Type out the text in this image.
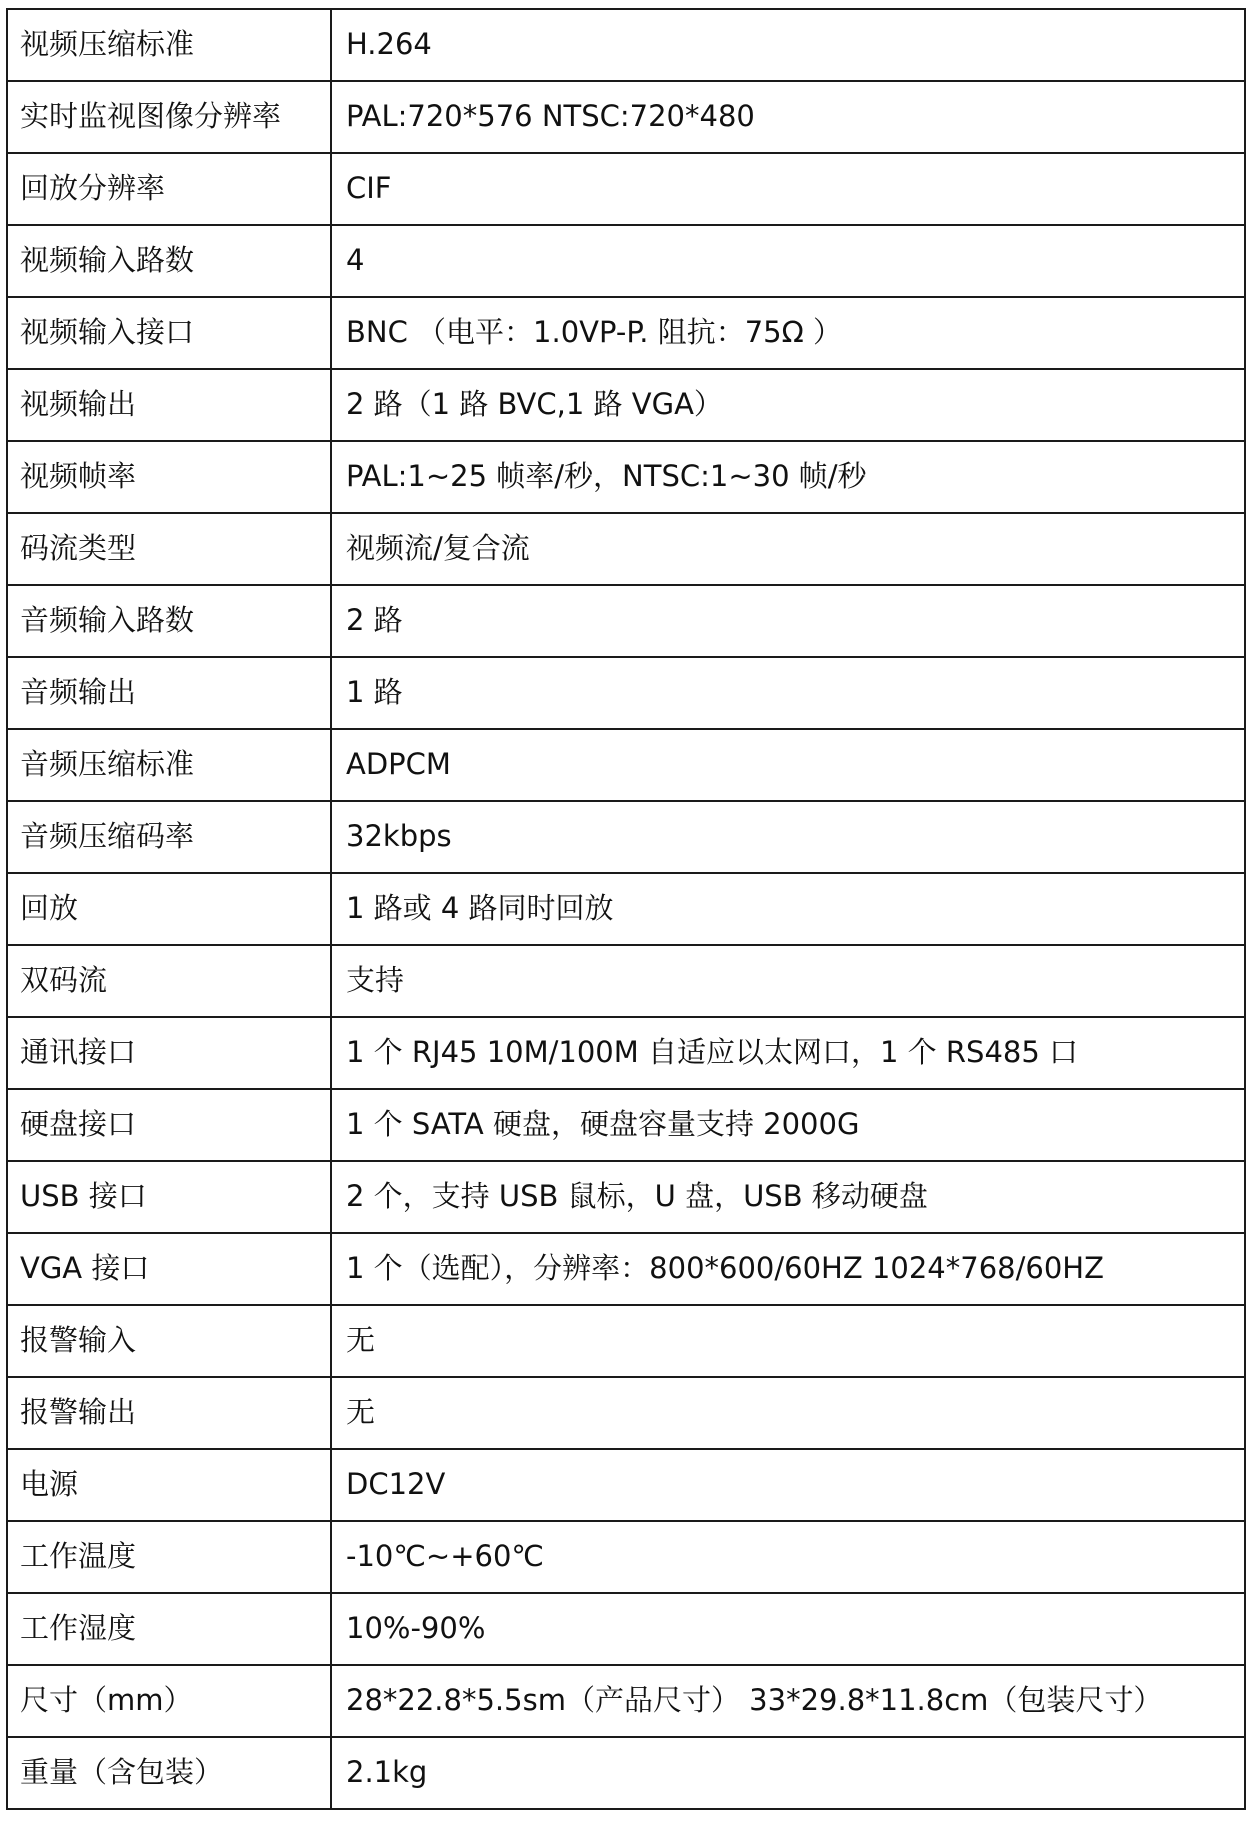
视频压缩标准	H.264
实时监视图像分辨率	PAL:720*576 NTSC:720*480
回放分辨率	CIF
视频输入路数	4
视频输入接口	BNC （电平：1.0VP-P. 阻抗：75Ω ）
视频输出	2 路（1 路 BVC,1 路 VGA）
视频帧率	PAL:1~25 帧率/秒，NTSC:1~30 帧/秒
码流类型	视频流/复合流
音频输入路数	2 路
音频输出	1 路
音频压缩标准	ADPCM
音频压缩码率	32kbps
回放	1 路或 4 路同时回放
双码流	支持
通讯接口	1 个 RJ45 10M/100M 自适应以太网口，1 个 RS485 口
硬盘接口	1 个 SATA 硬盘，硬盘容量支持 2000G
USB 接口	2 个，支持 USB 鼠标，U 盘，USB 移动硬盘
VGA 接口	1 个（选配），分辨率：800*600/60HZ 1024*768/60HZ
报警输入	无
报警输出	无
电源	DC12V
工作温度	-10℃~+60℃
工作湿度	10%-90%
尺寸（mm）	28*22.8*5.5sm（产品尺寸） 33*29.8*11.8cm（包装尺寸）
重量（含包装）	2.1kg
